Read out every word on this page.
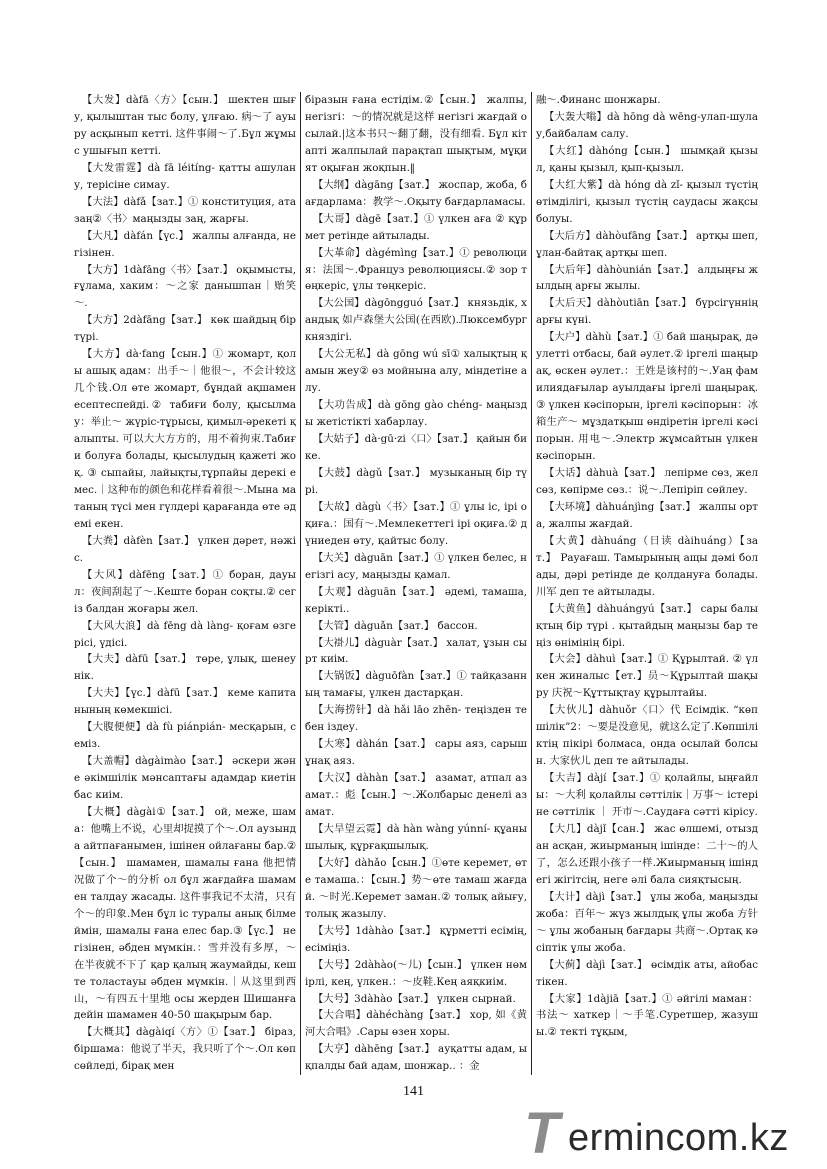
【大发】dàfā〈方〉【сын.】 шектен шығу, қылыштан тыс болу, ұлғаю. 病～了 ауыру асқынып кетті. 这件事闹～了.Бұл жұмыс ушығып кетті.

【大发雷霆】dà fā léitíng- қатты ашулану, терісіне симау.

【大法】dàfǎ【зат.】① конституция, ата заң②〈书〉маңызды заң, жарғы.

【大凡】dàfán【үс.】 жалпы алғанда, негізінен.

【大方】1dàfāng〈书〉【зат.】 оқымысты, ғұлама, хаким：～之家 данышпан｜贻笑～.

【大方】2dàfāng【зат.】 көк шайдың бір түрі.

【大方】dà·fang【сын.】① жомарт, қолы ашық адам：出手～｜他很～，不会计较这几个钱.Ол өте жомарт, бұндай ақшамен есептеспейді.② табиғи болу, қысылмау：举止～ жүріс-тұрысы, қимыл-әрекеті қалыпты. 可以大大方方的，用不着拘束.Табиғи болуға болады, қысылудың қажеті жоқ. ③ сыпайы, лайықты,тұрпайы дерекі емес.｜这种布的颜色和花样看着很～.Мына матаның түсі мен гүлдері қарағанда өте әдемі екен.

【大粪】dàfèn【зат.】 үлкен дәрет, нәжіс.

【大风】dàfēng【зат.】① боран, дауыл：夜间刮起了～.Кеште боран соқты.② сегіз балдан жоғары жел.

【大风大浪】dà fēng dà làng- қоғам өзгерісі, үдісі.

【大夫】dàfū【зат.】 төре, ұлық, шенеунік.

【大夫】【үс.】dàfū【зат.】 кеме капитанының көмекшісі.

【大腹便便】dà fù piánpián- месқарын, семіз.

【大盖帽】dàgàimào【зат.】 әскери және әкімшілік мәнсаптағы адамдар киетін бас киім.

【大概】dàgài①【зат.】 ой, меже, шама：他嘴上不说，心里却捉摸了个～.Ол аузында айтпағанымен, ішінен ойлағаны бар.②【сын.】 шамамен, шамалы ғана 他把情况做了个～的分析 ол бұл жағдайға шамамен талдау жасады. 这件事我记不太清，只有个～的印象.Мен бұл іс туралы анық білмеймін, шамалы ғана елес бар.③【үс.】 негізінен, әбден мүмкін.：雪并没有多厚，～在半夜就不下了 қар қалың жаумайды, кеште толастауы әбден мүмкін.｜从这里到西山，～有四五十里地 осы жерден Шишанға дейін шамамен 40-50 шақырым бар.

【大概其】dàgàiqí〈方〉①【зат.】 біраз, біршама：他说了半天，我只听了个～.Ол көп сөйледі, бірақ мен

біразын ғана естідім.②【сын.】 жалпы, негізгі：～的情况就是这样 негізгі жағдай осылай.|这本书只～翻了翻，没有细看. Бұл кітапті жалпылай парақтап шықтым, мұқият оқыған жоқпын.‖

【大纲】dàgāng【зат.】 жоспар, жоба, бағдарлама：教学～.Оқыту бағдарламасы.

【大哥】dàgē【зат.】① үлкен аға ② құрмет ретінде айтылады.

【大革命】dàgémìng【зат.】① революция：法国～.Француз революциясы.② зор төңкеріс, ұлы төңкеріс.

【大公国】dàgōngguó【зат.】 князьдік, хандық 如卢森堡大公国(在西欧).Люксембург княздігі.

【大公无私】dà gōng wú sī① халықтың қамын жеу② өз мойнына алу, міндетіне алу.

【大功告成】dà gōng gào chéng- маңызды жетістікті хабарлау.

【大姑子】dà·gū·zi〈口〉【зат.】 қайын бике.

【大鼓】dàgǔ【зат.】 музыканың бір түрі.

【大故】dàgù〈书〉【зат.】① ұлы іс, ірі оқиға.：国有～.Мемлекеттегі ірі оқиға.② дүниеден өту, қайтыс болу.

【大关】dàguān【зат.】① үлкен белес, негізгі асу, маңызды қамал.

【大观】dàguān【зат.】 әдемі, тамаша, керікті..

【大管】dàguǎn【зат.】 бассон.

【大褂儿】dàguàr【зат.】 халат, ұзын сырт киім.

【大锅饭】dàguōfàn【зат.】① тайқазанның тамағы, үлкен дастарқан.

【大海捞针】dà hǎi lāo zhēn- теңізден тебен іздеу.

【大寒】dàhán【зат.】 сары аяз, сарышұнақ аяз.

【大汉】dàhàn【зат.】 азамат, атпал азамат.：彪【сын.】～.Жолбарыс денелі азамат.

【大旱望云霓】dà hàn wàng yúnní- құанышылық, құрғақшылық.

【大好】dàhǎo【сын.】①өте керемет, өте тамаша.：【сын.】势～өте тамаш жағдай. ～时光.Керемет заман.② толық айығу, толық жазылу.

【大号】1dàhào【зат.】 құрметті есімің, есіміңіз.

【大号】2dàhào(～儿)【сын.】 үлкен нөмірлі, кең, үлкен.：～皮鞋.Кең аяқкиім.

【大号】3dàhào【зат.】 үлкен сырнай.

【大合唱】dàhéchàng【зат.】 хор, 如《黄河大合唱》.Сары өзен хоры.

【大亨】dàhēng【зат.】 ауқатты адам, ықпалды бай адам, шонжар.. ：金

融～.Финанс шонжары.

【大轰大嗡】dà hōng dà wēng-улап-шулау,байбалам салу.

【大红】dàhóng【сын.】 шымқай қызыл, қаны қызыл, қып-қызыл.

【大红大紫】dà hóng dà zǐ- қызыл түстің өтімділігі, қызыл түстің саудасы жақсы болуы.

【大后方】dàhòufāng【зат.】 артқы шеп, ұлан-байтақ артқы шеп.

【大后年】dàhòunián【зат.】 алдыңғы жылдың арғы жылы.

【大后天】dàhòutiān【зат.】 бүрсігүннің арғы күні.

【大户】dàhù【зат.】① бай шаңырақ, дәулетті отбасы, бай әулет.② іргелі шаңырақ, өскен әулет.：王姓是该村的～.Уаң фамилиядағылар ауылдағы іргелі шаңырақ.③ үлкен кәсіпорын, іргелі кәсіпорын：冰箱生产～ мұздатқыш өндіретін іргелі кәсіпорын. 用电～.Электр жұмсайтын үлкен кәсіпорын.

【大话】dàhuà【зат.】 лепірме сөз, жел сөз, көпірме сөз.：说～.Лепіріп сөйлеу.

【大环境】dàhuánjìng【зат.】 жалпы орта, жалпы жағдай.

【大黄】dàhuáng（日读 dàihuáng）【зат.】 Рауағаш. Тамырының ащы дәмі болады, дәрі ретінде де қолдануға болады. 川军 деп те айтылады.

【大黄鱼】dàhuángyú【зат.】 сары балықтың бір түрі . қытайдың маңызы бар теңіз өнімінің бірі.

【大会】dàhuì【зат.】① Құрылтай. ② үлкен жиналыс【ет.】员～Құрылтай шақыру 庆祝～Құттықтау құрылтайы.

【大伙儿】dàhuǒr〈口〉代 Есімдік. “көпшілік”2：～要是没意见，就这么定了.Көпшіліктің пікірі болмаса, онда осылай болсын. 大家伙儿 деп те айтылады.

【大吉】dàjí【зат.】① қолайлы, ыңғайлы：～大利 қолайлы сәттілік｜万事～ істеріне сәттілік ｜ 开市～.Саудаға сәтті кірісу.

【大几】dàjǐ【сан.】 жас өлшемі, отыздан асқан, жиырманың ішінде：二十～的人了，怎么还跟小孩子一样.Жиырманың ішіндегі жігітсің, неге әлі бала сияқтысың.

【大计】dàjì【зат.】 ұлы жоба, маңызды жоба：百年～ жүз жылдық ұлы жоба 方针～ ұлы жобаның бағдары 共商～.Ортақ кәсіптік ұлы жоба.

【大蓟】dàjì【зат.】 өсімдік аты, айобастікен.

【大家】1dàjiā【зат.】① әйгілі маман：书法～ хаткер｜～手笔.Суретшер, жазушы.② текті тұқым,

141
T ermincom.kz
